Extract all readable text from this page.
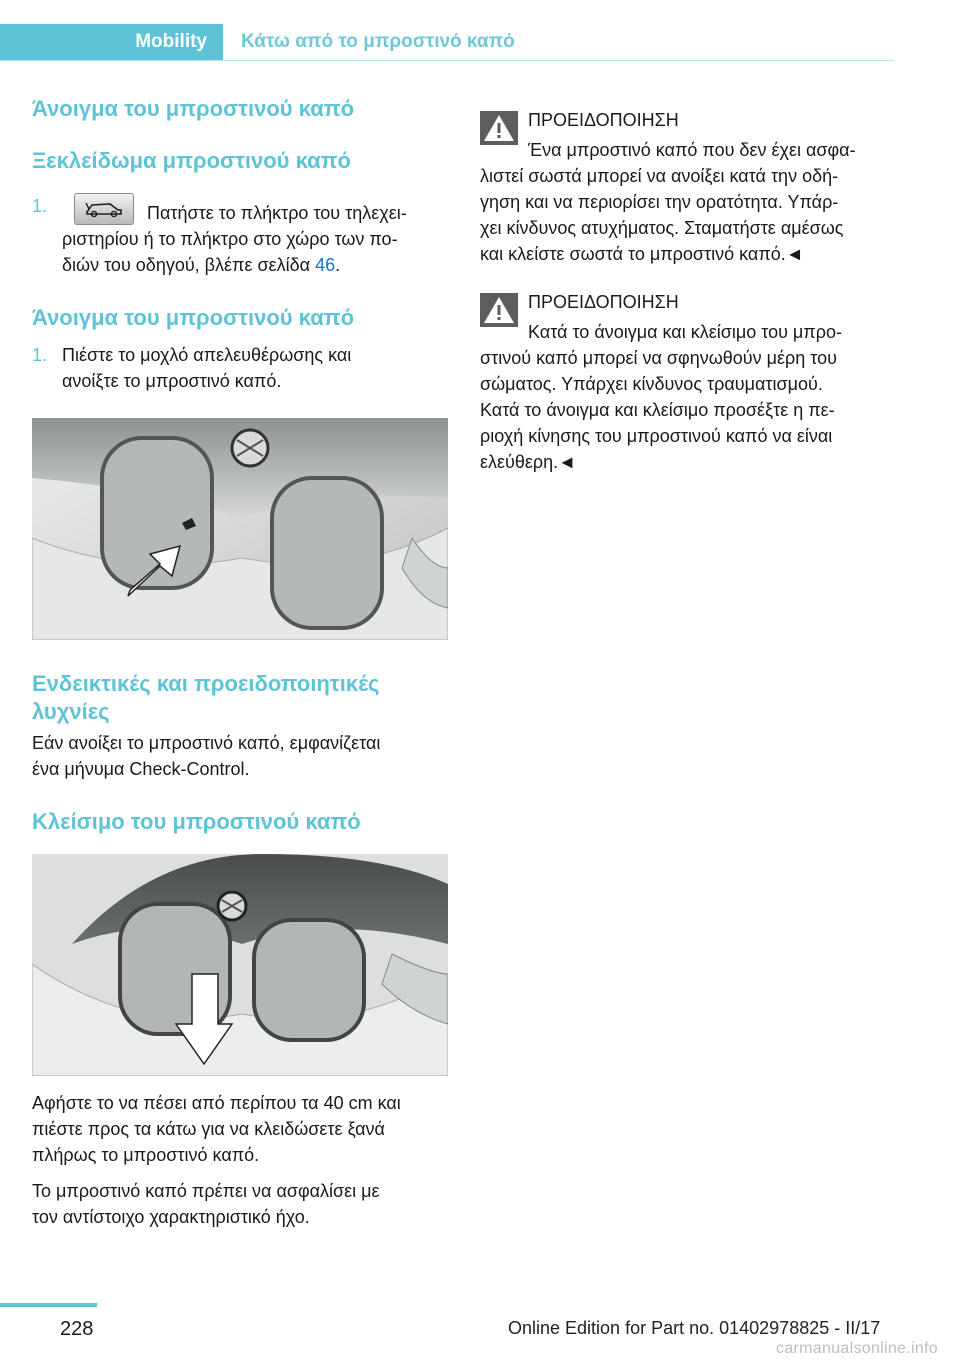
Mobility	Κάτω από το μπροστινό καπό
Άνοιγμα του μπροστινού καπό
Ξεκλείδωμα μπροστινού καπό
1.	Πατήστε το πλήκτρο του τηλεχει-
ριστηρίου ή το πλήκτρο στο χώρο των πο-
διών του οδηγού, βλέπε σελίδα 46.
Άνοιγμα του μπροστινού καπό
1. Πιέστε το μοχλό απελευθέρωσης και
ανοίξτε το μπροστινό καπό.
Ενδεικτικές και προειδοποιητικές
λυχνίες

Εάν ανοίξει το μπροστινό καπό, εμφανίζεται
ένα μήνυμα Check-Control.

Κλείσιμο του μπροστινού καπό

Αφήστε το να πέσει από περίπου τα 40 cm και
πιέστε προς τα κάτω για να κλειδώσετε ξανά
πλήρως το μπροστινό καπό.

Το μπροστινό καπό πρέπει να ασφαλίσει με
τον αντίστοιχο χαρακτηριστικό ήχο.

ΠΡΟΕΙΔΟΠΟΙΗΣΗ
Ένα μπροστινό καπό που δεν έχει ασφα-
λιστεί σωστά μπορεί να ανοίξει κατά την οδή-
γηση και να περιορίσει την ορατότητα. Υπάρ-
χει κίνδυνος ατυχήματος. Σταματήστε αμέσως
και κλείστε σωστά το μπροστινό καπό.◄
ΠΡΟΕΙΔΟΠΟΙΗΣΗ
Κατά το άνοιγμα και κλείσιμο του μπρο-
στινού καπό μπορεί να σφηνωθούν μέρη του
σώματος. Υπάρχει κίνδυνος τραυματισμού.
Κατά το άνοιγμα και κλείσιμο προσέξτε η πε-
ριοχή κίνησης του μπροστινού καπό να είναι
ελεύθερη.◄
228	Online Edition for Part no. 01402978825 - II/17
carmanualsonline.info
